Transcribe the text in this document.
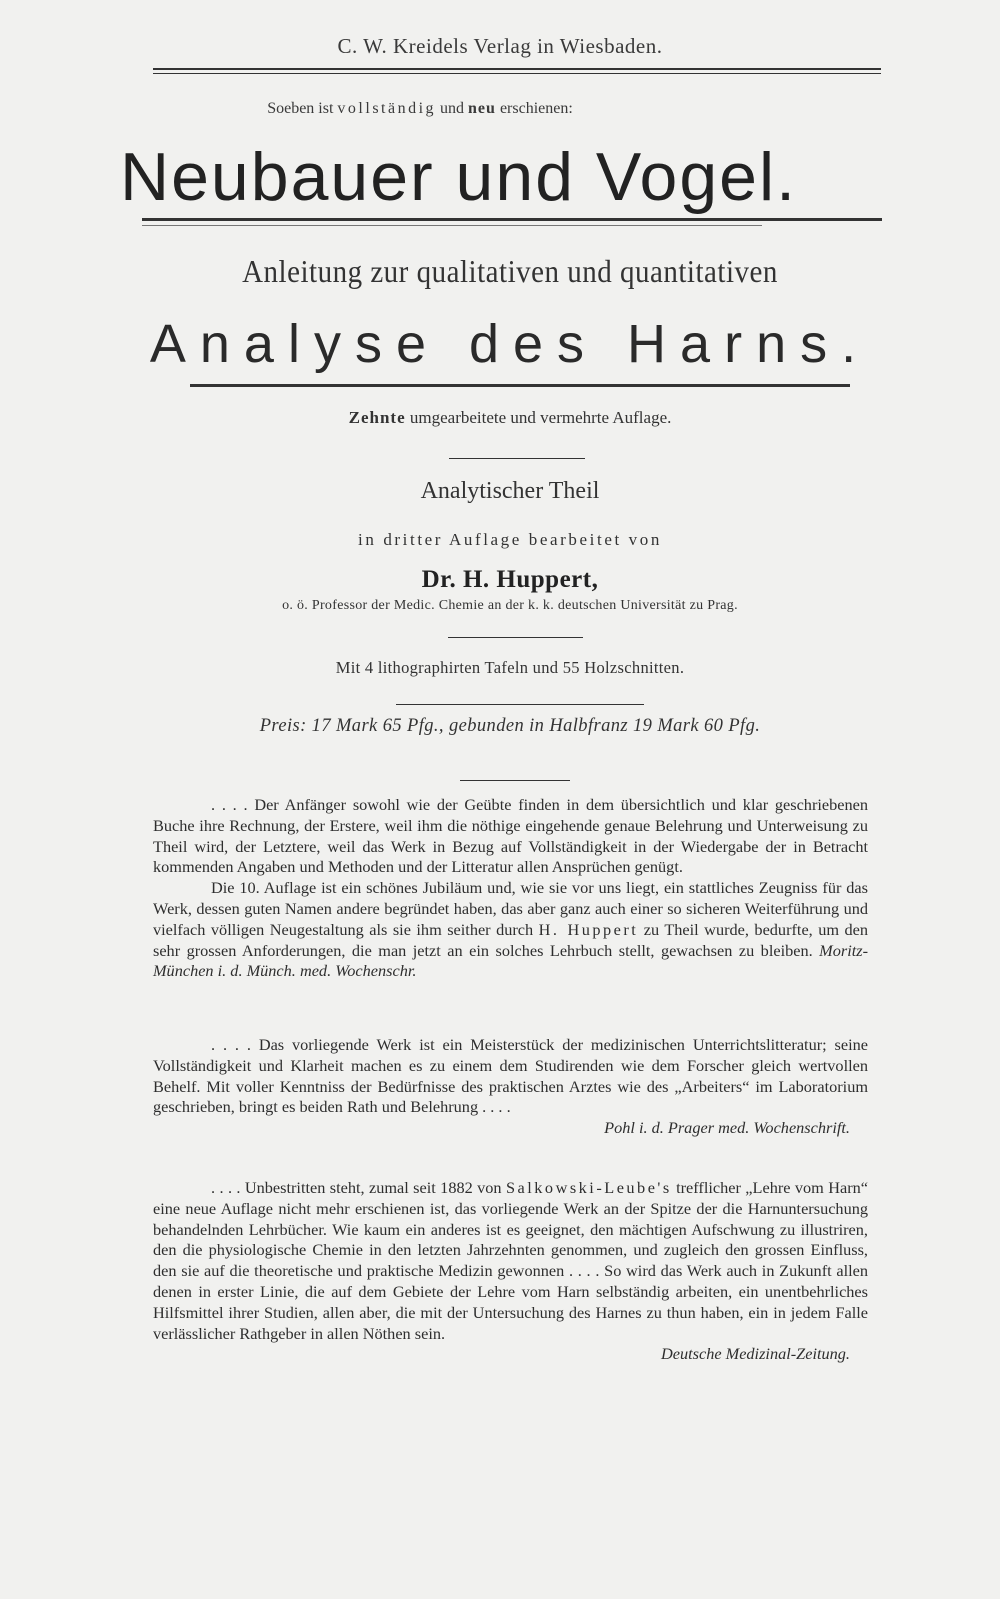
C. W. Kreidels Verlag in Wiesbaden.
Soeben ist vollständig und neu erschienen:
Neubauer und Vogel.
Anleitung zur qualitativen und quantitativen
Analyse des Harns.
Zehnte umgearbeitete und vermehrte Auflage.
Analytischer Theil
in dritter Auflage bearbeitet von
Dr. H. Huppert,
o. ö. Professor der Medic. Chemie an der k. k. deutschen Universität zu Prag.
Mit 4 lithographirten Tafeln und 55 Holzschnitten.
Preis: 17 Mark 65 Pfg., gebunden in Halbfranz 19 Mark 60 Pfg.

. . . . Der Anfänger sowohl wie der Geübte finden in dem übersichtlich und klar geschriebenen Buche ihre Rechnung, der Erstere, weil ihm die nöthige eingehende genaue Belehrung und Unterweisung zu Theil wird, der Letztere, weil das Werk in Bezug auf Vollständigkeit in der Wiedergabe der in Betracht kommenden Angaben und Methoden und der Litteratur allen Ansprüchen genügt.

Die 10. Auflage ist ein schönes Jubiläum und, wie sie vor uns liegt, ein stattliches Zeugniss für das Werk, dessen guten Namen andere begründet haben, das aber ganz auch einer so sicheren Weiterführung und vielfach völligen Neugestaltung als sie ihm seither durch H. Huppert zu Theil wurde, bedurfte, um den sehr grossen Anforderungen, die man jetzt an ein solches Lehrbuch stellt, gewachsen zu bleiben. Moritz-München i. d. Münch. med. Wochenschr.

. . . . Das vorliegende Werk ist ein Meisterstück der medizinischen Unterrichtslitteratur; seine Vollständigkeit und Klarheit machen es zu einem dem Studirenden wie dem Forscher gleich wertvollen Behelf. Mit voller Kenntniss der Bedürfnisse des praktischen Arztes wie des „Arbeiters“ im Laboratorium geschrieben, bringt es beiden Rath und Belehrung . . . .

Pohl i. d. Prager med. Wochenschrift.

. . . . Unbestritten steht, zumal seit 1882 von Salkowski-Leube's trefflicher „Lehre vom Harn“ eine neue Auflage nicht mehr erschienen ist, das vorliegende Werk an der Spitze der die Harnuntersuchung behandelnden Lehrbücher. Wie kaum ein anderes ist es geeignet, den mächtigen Aufschwung zu illustriren, den die physiologische Chemie in den letzten Jahrzehnten genommen, und zugleich den grossen Einfluss, den sie auf die theoretische und praktische Medizin gewonnen . . . . So wird das Werk auch in Zukunft allen denen in erster Linie, die auf dem Gebiete der Lehre vom Harn selbständig arbeiten, ein unentbehrliches Hilfsmittel ihrer Studien, allen aber, die mit der Untersuchung des Harnes zu thun haben, ein in jedem Falle verlässlicher Rathgeber in allen Nöthen sein.

Deutsche Medizinal-Zeitung.
